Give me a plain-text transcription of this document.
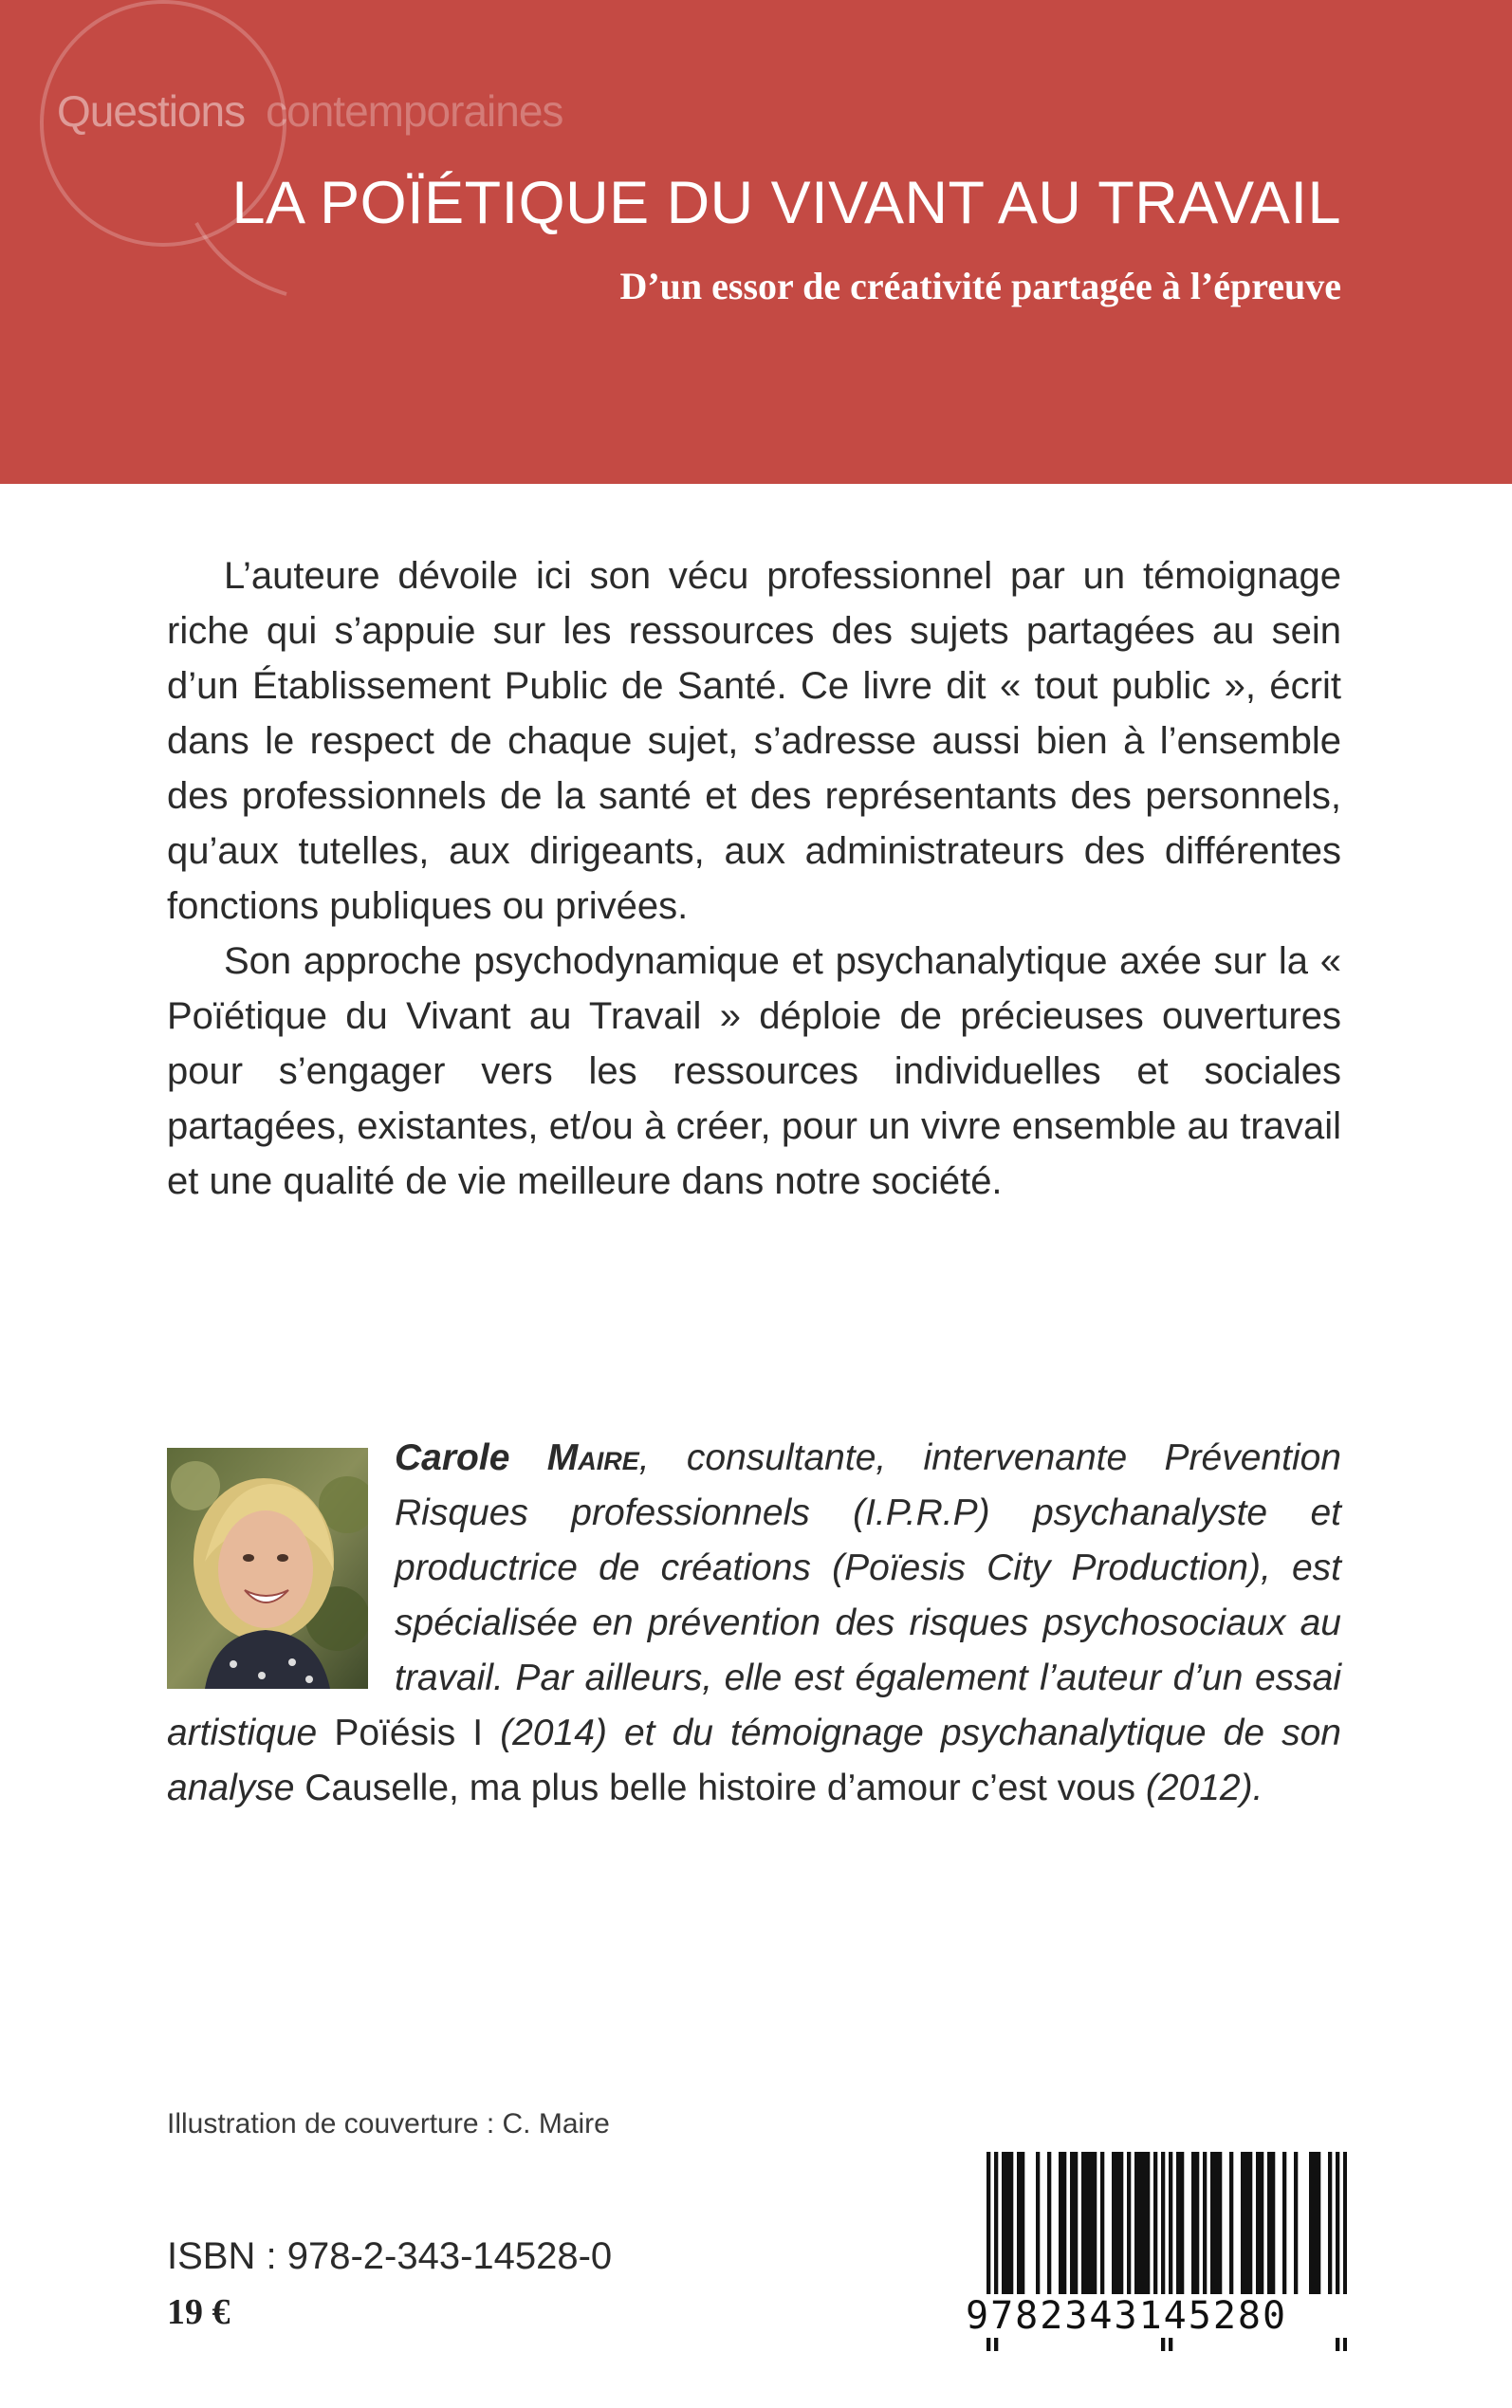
Questions contemporaines
LA POÏÉTIQUE DU VIVANT AU TRAVAIL
D’un essor de créativité partagée à l’épreuve

L’auteure dévoile ici son vécu professionnel par un témoignage riche qui s’appuie sur les ressources des sujets partagées au sein d’un Établissement Public de Santé. Ce livre dit « tout public », écrit dans le respect de chaque sujet, s’adresse aussi bien à l’ensemble des professionnels de la santé et des représentants des personnels, qu’aux tutelles, aux dirigeants, aux administrateurs des différentes fonctions publiques ou privées.

Son approche psychodynamique et psychanalytique axée sur la « Poïétique du Vivant au Travail » déploie de précieuses ouvertures pour s’engager vers les ressources individuelles et sociales partagées, existantes, et/ou à créer, pour un vivre ensemble au travail et une qualité de vie meilleure dans notre société.

Carole Maire, consultante, intervenante Prévention Risques professionnels (I.P.R.P) psychanalyste et productrice de créations (Poïesis City Production), est spécialisée en prévention des risques psychosociaux au travail. Par ailleurs, elle est également l’auteur d’un essai artistique Poïésis I (2014) et du témoignage psychanalytique de son analyse Causelle, ma plus belle histoire d’amour c’est vous (2012).
Illustration de couverture : C. Maire
ISBN : 978-2-343-14528-0
19 €	9782343145280
